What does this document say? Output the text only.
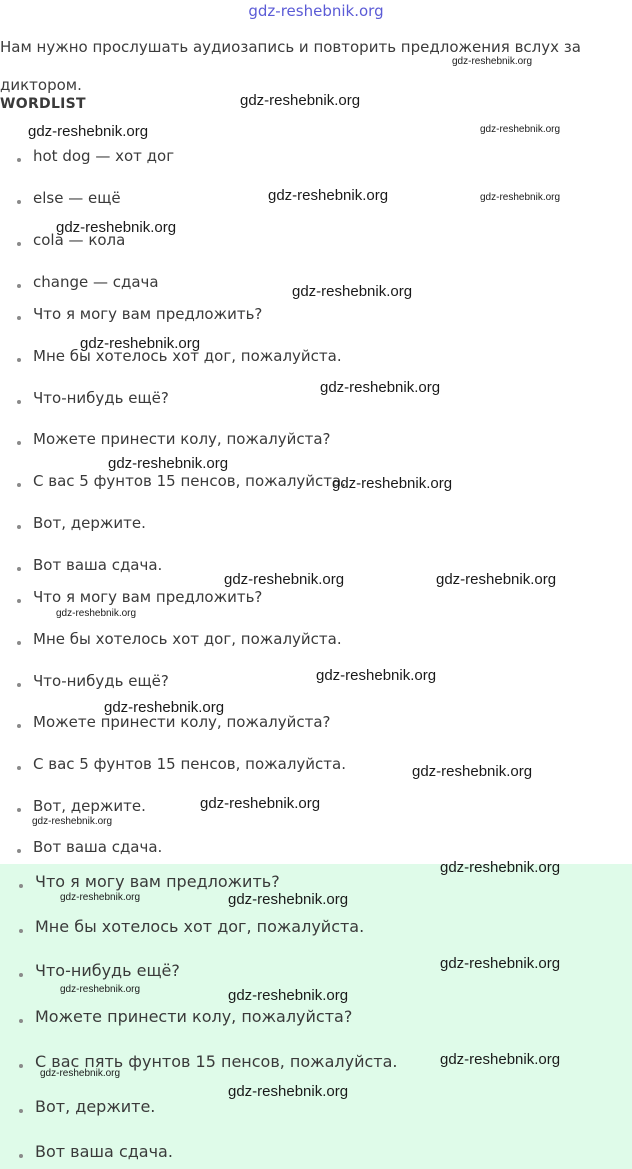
gdz-reshebnik.org
Нам нужно прослушать аудиозапись и повторить предложения вслух за диктором.
WORDLIST
hot dog — хот дог
else — ещё
cola — кола
change — сдача
Что я могу вам предложить?
Мне бы хотелось хот дог, пожалуйста.
Что-нибудь ещё?
Можете принести колу, пожалуйста?
С вас 5 фунтов 15 пенсов, пожалуйста.
Вот, держите.
Вот ваша сдача.
Что я могу вам предложить?
Мне бы хотелось хот дог, пожалуйста.
Что-нибудь ещё?
Можете принести колу, пожалуйста?
С вас 5 фунтов 15 пенсов, пожалуйста.
Вот, держите.
Вот ваша сдача.
Что я могу вам предложить?
Мне бы хотелось хот дог, пожалуйста.
Что-нибудь ещё?
Можете принести колу, пожалуйста?
С вас пять фунтов 15 пенсов, пожалуйста.
Вот, держите.
Вот ваша сдача.
gdz-reshebnik.org
gdz-reshebnik.org
gdz-reshebnik.org	gdz-reshebnik.org
gdz-reshebnik.org	gdz-reshebnik.org
gdz-reshebnik.org
gdz-reshebnik.org
gdz-reshebnik.org
gdz-reshebnik.org
gdz-reshebnik.org
gdz-reshebnik.org
gdz-reshebnik.org	gdz-reshebnik.org
gdz-reshebnik.org
gdz-reshebnik.org
gdz-reshebnik.org
gdz-reshebnik.org
gdz-reshebnik.org
gdz-reshebnik.org
gdz-reshebnik.org
gdz-reshebnik.org	gdz-reshebnik.org
gdz-reshebnik.org
gdz-reshebnik.org	gdz-reshebnik.org
gdz-reshebnik.org
gdz-reshebnik.org
gdz-reshebnik.org
